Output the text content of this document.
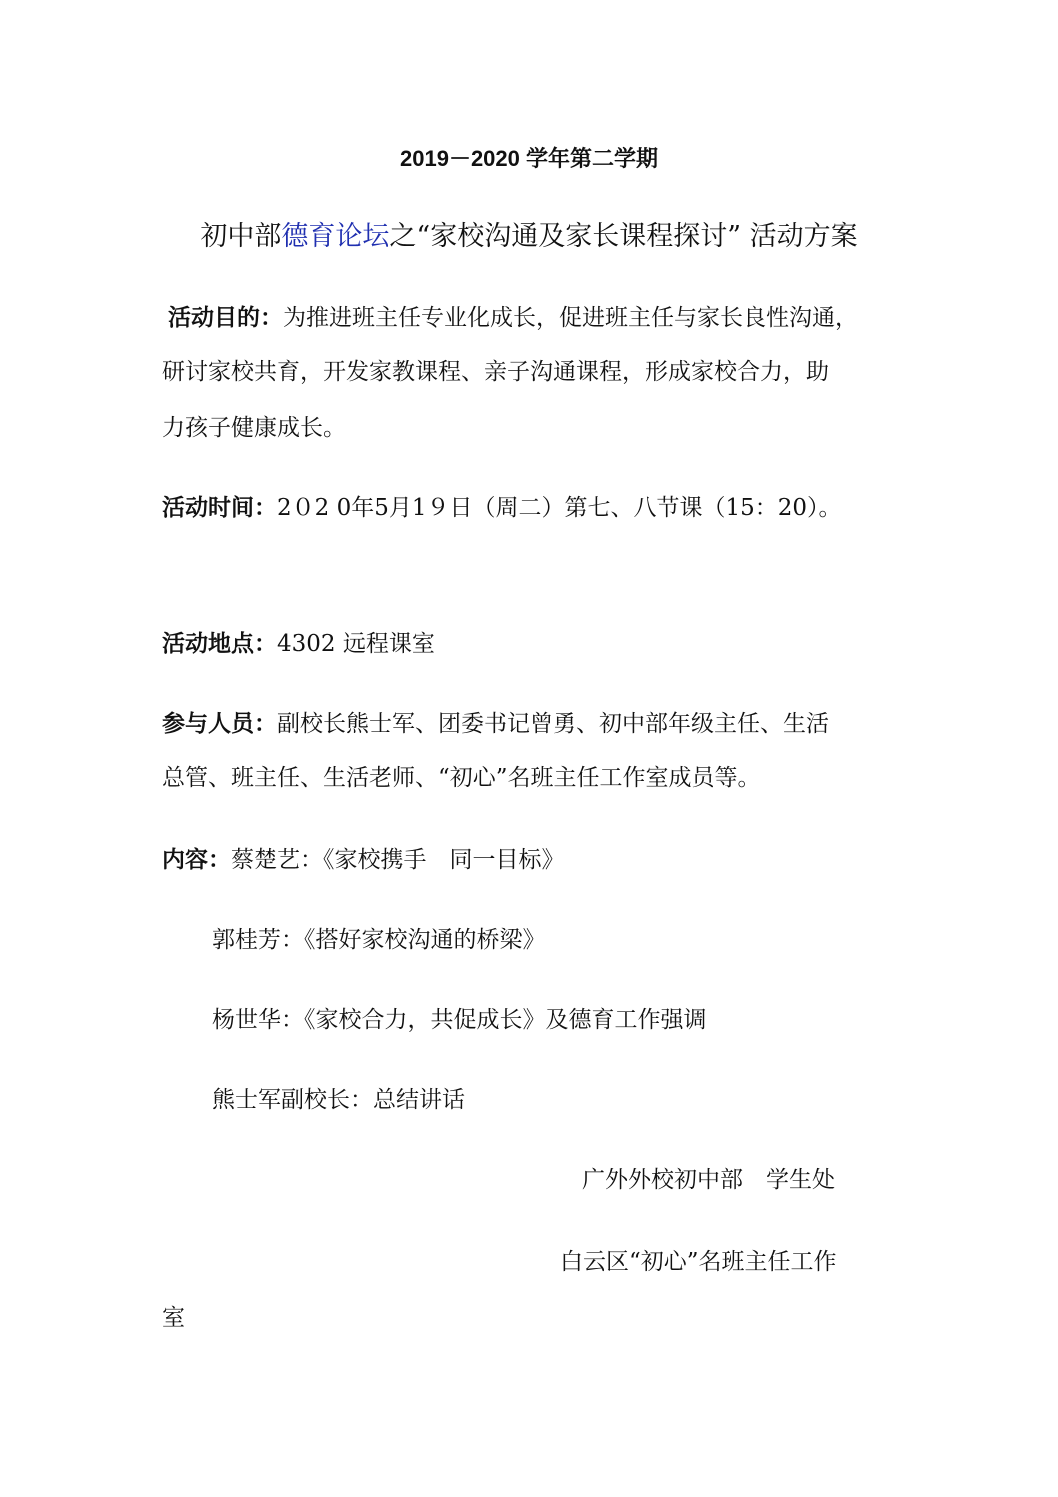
2019－2020 学年第二学期
初中部德育论坛之“家校沟通及家长课程探讨” 活动方案
活动目的：为推进班主任专业化成长，促进班主任与家长良性沟通，
研讨家校共育，开发家教课程、亲子沟通课程，形成家校合力，助
力孩子健康成长。
活动时间：2０2 0年5月1９日（周二）第七、八节课（15：20）。
活动地点：4302 远程课室
参与人员：副校长熊士军、团委书记曾勇、初中部年级主任、生活
总管、班主任、生活老师、“初心”名班主任工作室成员等。
内容：蔡楚艺：《家校携手　同一目标》
郭桂芳：《搭好家校沟通的桥梁》
杨世华：《家校合力，共促成长》及德育工作强调
熊士军副校长：总结讲话
广外外校初中部　学生处
白云区“初心”名班主任工作
室
